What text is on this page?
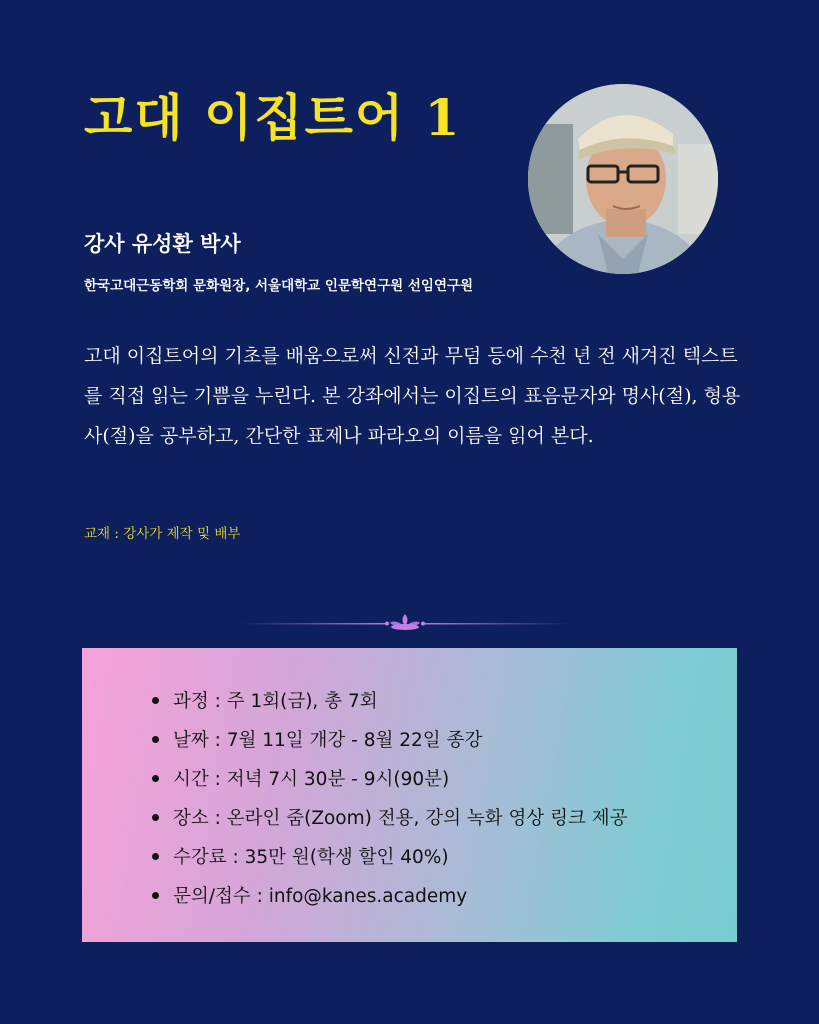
고대 이집트어 1
강사 유성환 박사

한국고대근동학회 문화원장, 서울대학교 인문학연구원 선임연구원

고대 이집트어의 기초를 배움으로써 신전과 무덤 등에 수천 년 전 새겨진 텍스트를 직접 읽는 기쁨을 누린다. 본 강좌에서는 이집트의 표음문자와 명사(절), 형용사(절)을 공부하고, 간단한 표제나 파라오의 이름을 읽어 본다.

교재 : 강사가 제작 및 배부

과정 : 주 1회(금), 총 7회
날짜 : 7월 11일 개강 - 8월 22일 종강
시간 : 저녁 7시 30분 - 9시(90분)
장소 : 온라인 줌(Zoom) 전용, 강의 녹화 영상 링크 제공
수강료 : 35만 원(학생 할인 40%)
문의/접수 : info@kanes.academy
